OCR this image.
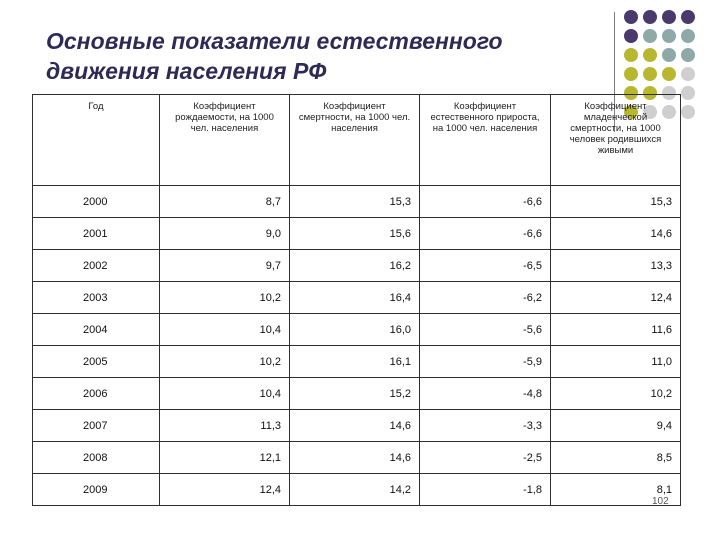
Основные показатели естественного
движения населения РФ
Год	Коэффициент рождаемости, на 1000 чел. населения	Коэффициент смертности, на 1000 чел. населения	Коэффициент естественного прироста, на 1000 чел. населения	Коэффициент младенческой смертности, на 1000 человек родившихся живыми
2000	8,7	15,3	-6,6	15,3
2001	9,0	15,6	-6,6	14,6
2002	9,7	16,2	-6,5	13,3
2003	10,2	16,4	-6,2	12,4
2004	10,4	16,0	-5,6	11,6
2005	10,2	16,1	-5,9	11,0
2006	10,4	15,2	-4,8	10,2
2007	11,3	14,6	-3,3	9,4
2008	12,1	14,6	-2,5	8,5
2009	12,4	14,2	-1,8	8,1
102
